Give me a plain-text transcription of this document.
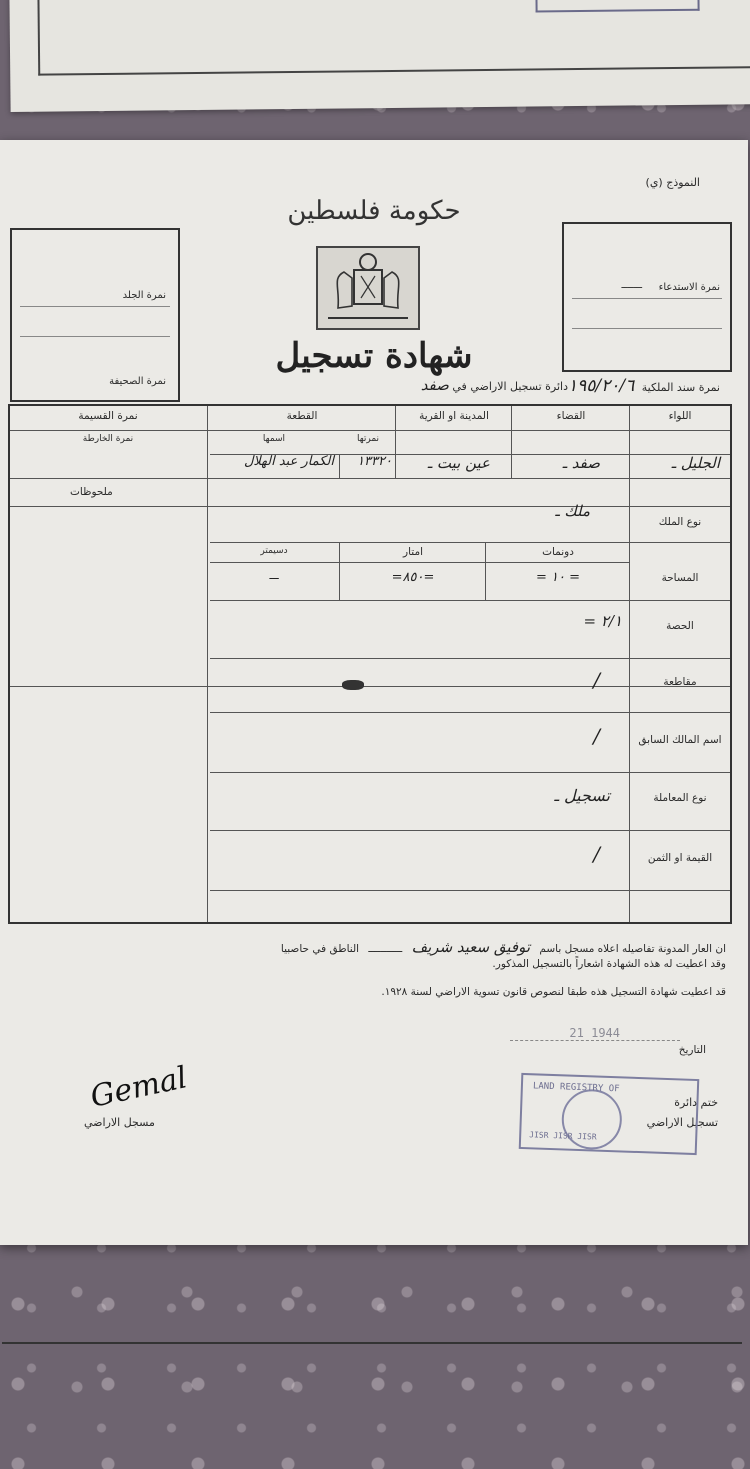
النموذج (ي)
حكومة فلسطين
شهادة تسجيل
نمرة الاستدعاء
ـــــــ
نمرة الجلد
نمرة الصحيفة	نمرة سند الملكية ١٩٥/٢٠/٦
دائرة تسجيل الاراضي في صفد
اللواء
القضاء
المدينة او القرية
القطعة
نمرتها
اسمها
نمرة القسيمة
نمرة الخارطة
الجليل ـ
صفد ـ
عين بيت ـ
١٣٣٢٠
الكمار عبد الهلال
ملحوظات
نوع الملك
ملك ـ
المساحة
دونمات
امتار
دسيمتر
= ١٠ =
=٨٥٠=
ـــ
الحصة
٢/١ =
مقاطعة
/
اسم المالك السابق
/
نوع المعاملة
تسجيل ـ
القيمة او الثمن
/
ان العار المدونة تفاصيله اعلاه مسجل باسم توفيق سعيد شريف ـــــــــــ الناطق في حاصبيا
وقد اعطيت له هذه الشهادة اشعاراً بالتسجيل المذكور.
قد اعطيت شهادة التسجيل هذه طبقا لنصوص قانون تسوية الاراضي لسنة ١٩٢٨.
التاريخ
21 1944
ختم دائرة
تسجيل الاراضي
LAND REGISTRY OF
JISR JISR JISR
Gemal
مسجل الاراضي
